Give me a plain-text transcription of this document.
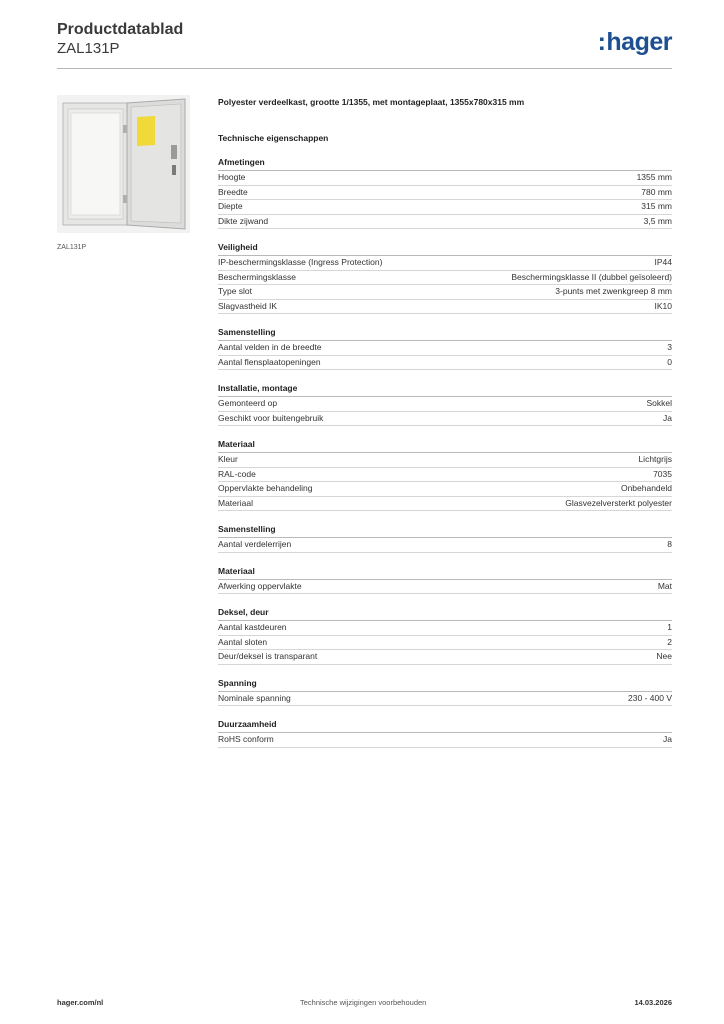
Productdatablad
ZAL131P	:hager
ZAL131P
Polyester verdeelkast, grootte 1/1355, met montageplaat, 1355x780x315 mm
Technische eigenschappen
Afmetingen
Hoogte	1355 mm
Breedte	780 mm
Diepte	315 mm
Dikte zijwand	3,5 mm
Veiligheid
IP-beschermingsklasse (Ingress Protection)	IP44
Beschermingsklasse	Beschermingsklasse II (dubbel geïsoleerd)
Type slot	3-punts met zwenkgreep 8 mm
Slagvastheid IK	IK10
Samenstelling
Aantal velden in de breedte	3
Aantal flensplaatopeningen	0
Installatie, montage
Gemonteerd op	Sokkel
Geschikt voor buitengebruik	Ja
Materiaal
Kleur	Lichtgrijs
RAL-code	7035
Oppervlakte behandeling	Onbehandeld
Materiaal	Glasvezelversterkt polyester
Samenstelling
Aantal verdelerrijen	8
Materiaal
Afwerking oppervlakte	Mat
Deksel, deur
Aantal kastdeuren	1
Aantal sloten	2
Deur/deksel is transparant	Nee
Spanning
Nominale spanning	230 - 400 V
Duurzaamheid
RoHS conform	Ja
hager.com/nl	Technische wijzigingen voorbehouden	14.03.2026
